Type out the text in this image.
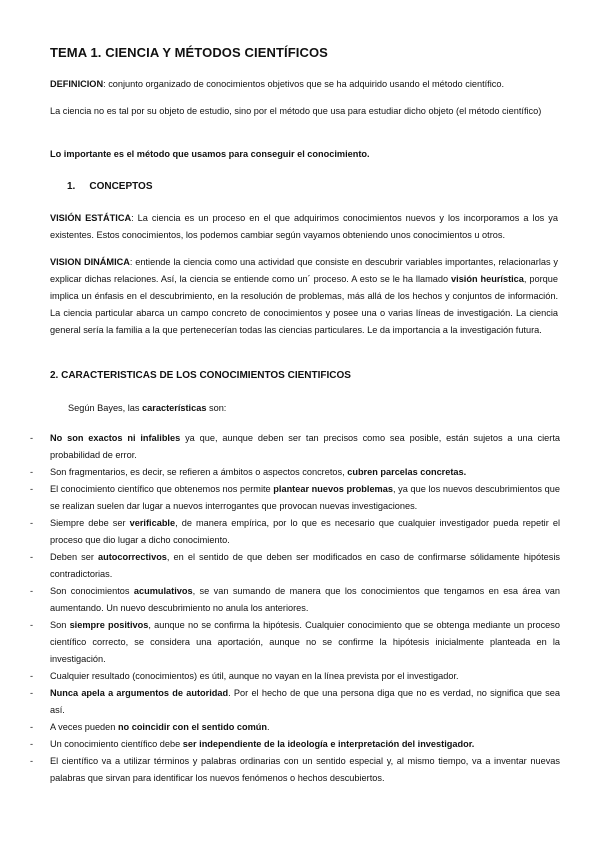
TEMA 1. CIENCIA Y MÉTODOS CIENTÍFICOS

DEFINICION: conjunto organizado de conocimientos objetivos que se ha adquirido usando el método científico.

La ciencia no es tal por su objeto de estudio, sino por el método que usa para estudiar dicho objeto (el método científico)

Lo importante es el método que usamos para conseguir el conocimiento.

1. CONCEPTOS

VISIÓN ESTÁTICA: La ciencia es un proceso en el que adquirimos conocimientos nuevos y los incorporamos a los ya existentes. Estos conocimientos, los podemos cambiar según vayamos obteniendo unos conocimientos u otros.

VISION DINÁMICA: entiende la ciencia como una actividad que consiste en descubrir variables importantes, relacionarlas y explicar dichas relaciones. Así, la ciencia se entiende como un´ proceso. A esto se le ha llamado visión heurística, porque implica un énfasis en el descubrimiento, en la resolución de problemas, más allá de los hechos y conjuntos de información. La ciencia particular abarca un campo concreto de conocimientos y posee una o varias líneas de investigación. La ciencia general sería la familia a la que pertenecerían todas las ciencias particulares. Le da importancia a la investigación futura.

2. CARACTERISTICAS DE LOS CONOCIMIENTOS CIENTIFICOS

Según Bayes, las características son:

- No son exactos ni infalibles ya que, aunque deben ser tan precisos como sea posible, están sujetos a una cierta probabilidad de error.
- Son fragmentarios, es decir, se refieren a ámbitos o aspectos concretos, cubren parcelas concretas.
- El conocimiento científico que obtenemos nos permite plantear nuevos problemas, ya que los nuevos descubrimientos que se realizan suelen dar lugar a nuevos interrogantes que provocan nuevas investigaciones.
- Siempre debe ser verificable, de manera empírica, por lo que es necesario que cualquier investigador pueda repetir el proceso que dio lugar a dicho conocimiento.
- Deben ser autocorrectivos, en el sentido de que deben ser modificados en caso de confirmarse sólidamente hipótesis contradictorias.
- Son conocimientos acumulativos, se van sumando de manera que los conocimientos que tengamos en esa área van aumentando. Un nuevo descubrimiento no anula los anteriores.
- Son siempre positivos, aunque no se confirma la hipótesis. Cualquier conocimiento que se obtenga mediante un proceso científico correcto, se considera una aportación, aunque no se confirme la hipótesis inicialmente planteada en la investigación.
- Cualquier resultado (conocimientos) es útil, aunque no vayan en la línea prevista por el investigador.
- Nunca apela a argumentos de autoridad. Por el hecho de que una persona diga que no es verdad, no significa que sea así.
- A veces pueden no coincidir con el sentido común.
- Un conocimiento científico debe ser independiente de la ideología e interpretación del investigador.
- El científico va a utilizar términos y palabras ordinarias con un sentido especial y, al mismo tiempo, va a inventar nuevas palabras que sirvan para identificar los nuevos fenómenos o hechos descubiertos.
